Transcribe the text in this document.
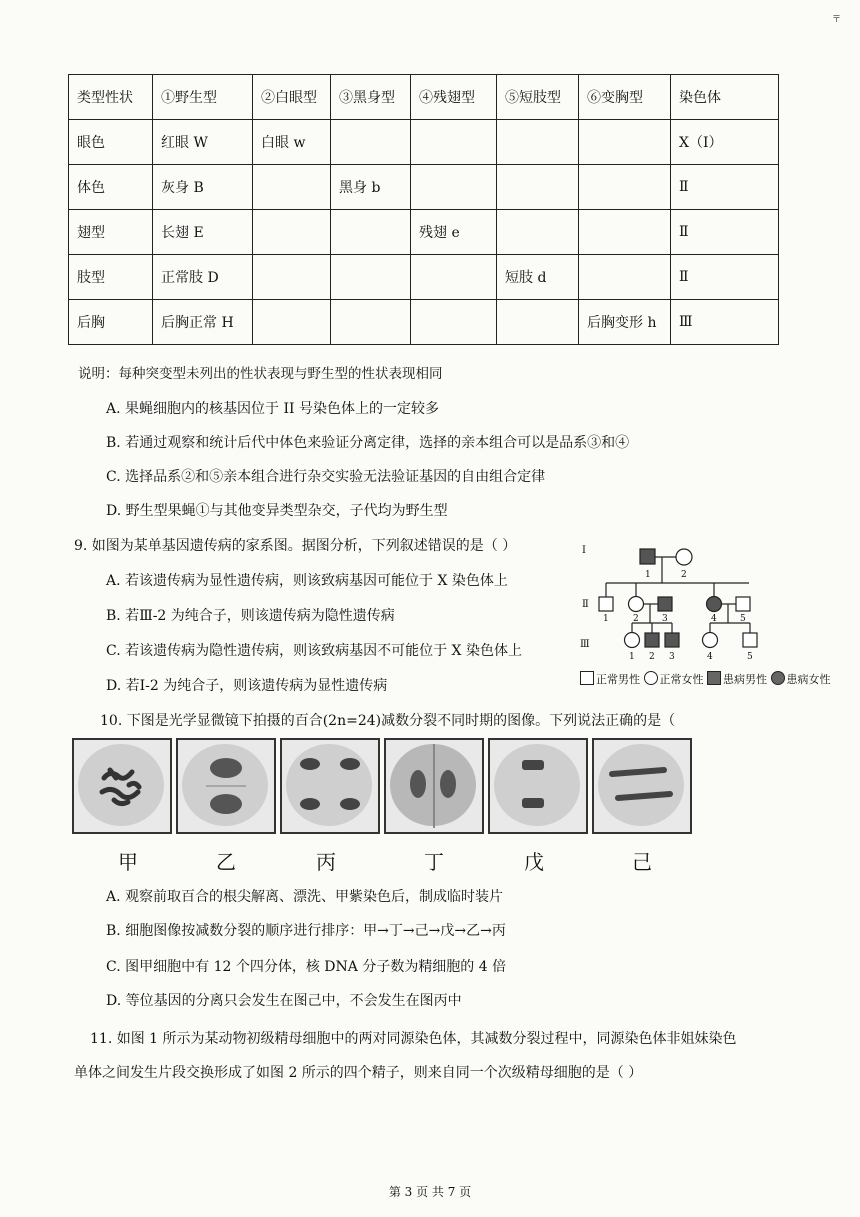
〒
类型性状	①野生型	②白眼型	③黑身型	④残翅型	⑤短肢型	⑥变胸型	染色体
眼色	红眼 W	白眼 w					X（Ⅰ）
体色	灰身 B		黑身 b				Ⅱ
翅型	长翅 E			残翅 e			Ⅱ
肢型	正常肢 D				短肢 d		Ⅱ
后胸	后胸正常 H					后胸变形 h	Ⅲ
说明：每种突变型未列出的性状表现与野生型的性状表现相同
A. 果蝇细胞内的核基因位于 II 号染色体上的一定较多
B. 若通过观察和统计后代中体色来验证分离定律，选择的亲本组合可以是品系③和④
C. 选择品系②和⑤亲本组合进行杂交实验无法验证基因的自由组合定律
D. 野生型果蝇①与其他变异类型杂交，子代均为野生型
9. 如图为某单基因遗传病的家系图。据图分析，下列叙述错误的是（ ）
A. 若该遗传病为显性遗传病，则该致病基因可能位于 X 染色体上
B. 若Ⅲ-2 为纯合子，则该遗传病为隐性遗传病
C. 若该遗传病为隐性遗传病，则该致病基因不可能位于 X 染色体上
D. 若Ⅰ-2 为纯合子，则该遗传病为显性遗传病
Ⅰ
Ⅱ
Ⅲ
1	2
1	2	3	4	5
1 2 3	4	5
正常男性 正常女性 患病男性 患病女性
10. 下图是光学显微镜下拍摄的百合(2n=24)减数分裂不同时期的图像。下列说法正确的是（
甲	乙	丙	丁	戊	己
A. 观察前取百合的根尖解离、漂洗、甲紫染色后，制成临时装片
B. 细胞图像按减数分裂的顺序进行排序：甲→丁→己→戊→乙→丙
C. 图甲细胞中有 12 个四分体，核 DNA 分子数为精细胞的 4 倍
D. 等位基因的分离只会发生在图己中，不会发生在图丙中
11. 如图 1 所示为某动物初级精母细胞中的两对同源染色体，其减数分裂过程中，同源染色体非姐妹染色
单体之间发生片段交换形成了如图 2 所示的四个精子，则来自同一个次级精母细胞的是（ ）
第 3 页 共 7 页
